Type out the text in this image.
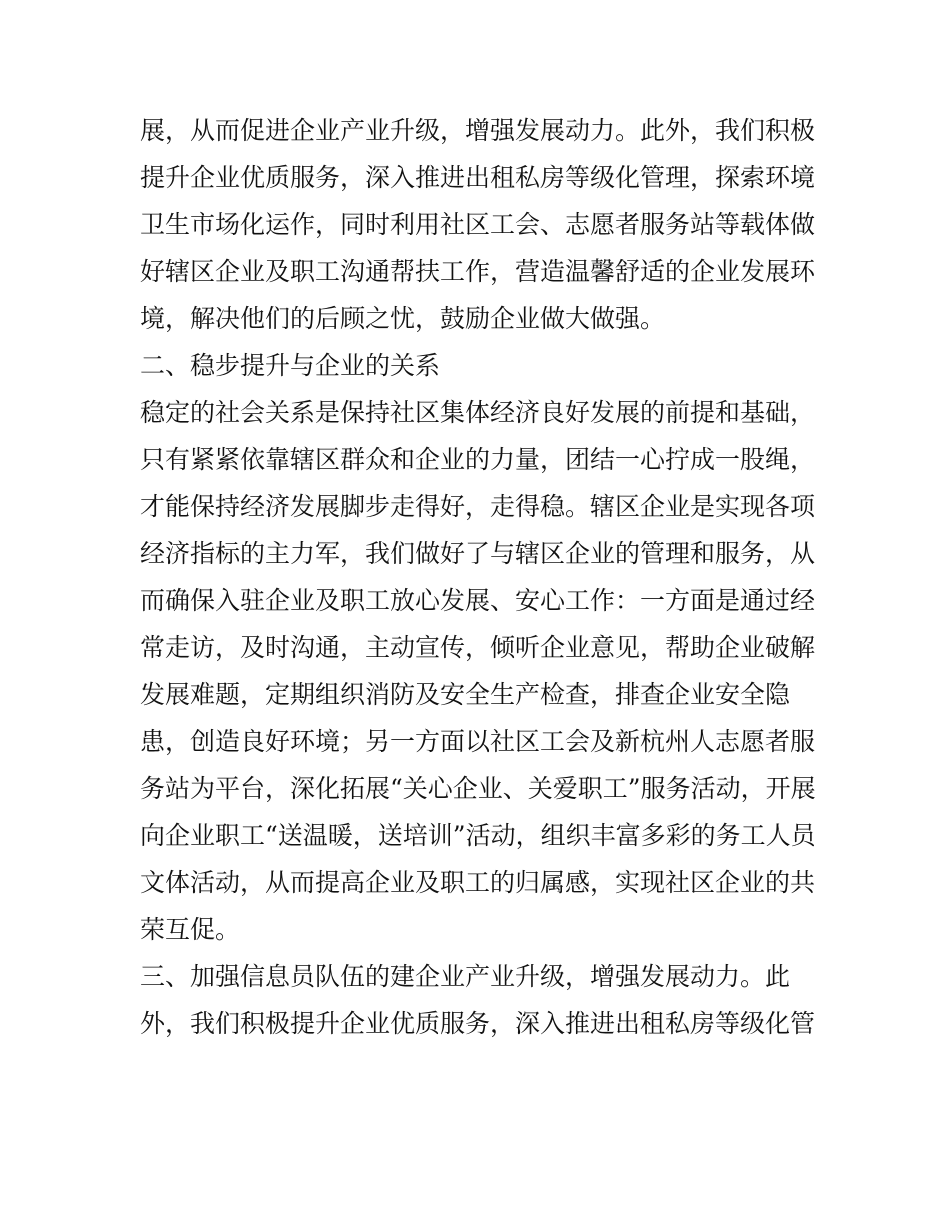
展，从而促进企业产业升级，增强发展动力。此外，我们积极
提升企业优质服务，深入推进出租私房等级化管理，探索环境
卫生市场化运作，同时利用社区工会、志愿者服务站等载体做
好辖区企业及职工沟通帮扶工作，营造温馨舒适的企业发展环
境，解决他们的后顾之忧，鼓励企业做大做强。
二、稳步提升与企业的关系
稳定的社会关系是保持社区集体经济良好发展的前提和基础，
只有紧紧依靠辖区群众和企业的力量，团结一心拧成一股绳，
才能保持经济发展脚步走得好，走得稳。辖区企业是实现各项
经济指标的主力军，我们做好了与辖区企业的管理和服务，从
而确保入驻企业及职工放心发展、安心工作：一方面是通过经
常走访，及时沟通，主动宣传，倾听企业意见，帮助企业破解
发展难题，定期组织消防及安全生产检查，排查企业安全隐
患，创造良好环境；另一方面以社区工会及新杭州人志愿者服
务站为平台，深化拓展“关心企业、关爱职工”服务活动，开展
向企业职工“送温暖，送培训”活动，组织丰富多彩的务工人员
文体活动，从而提高企业及职工的归属感，实现社区企业的共
荣互促。
三、加强信息员队伍的建企业产业升级，增强发展动力。此
外，我们积极提升企业优质服务，深入推进出租私房等级化管
